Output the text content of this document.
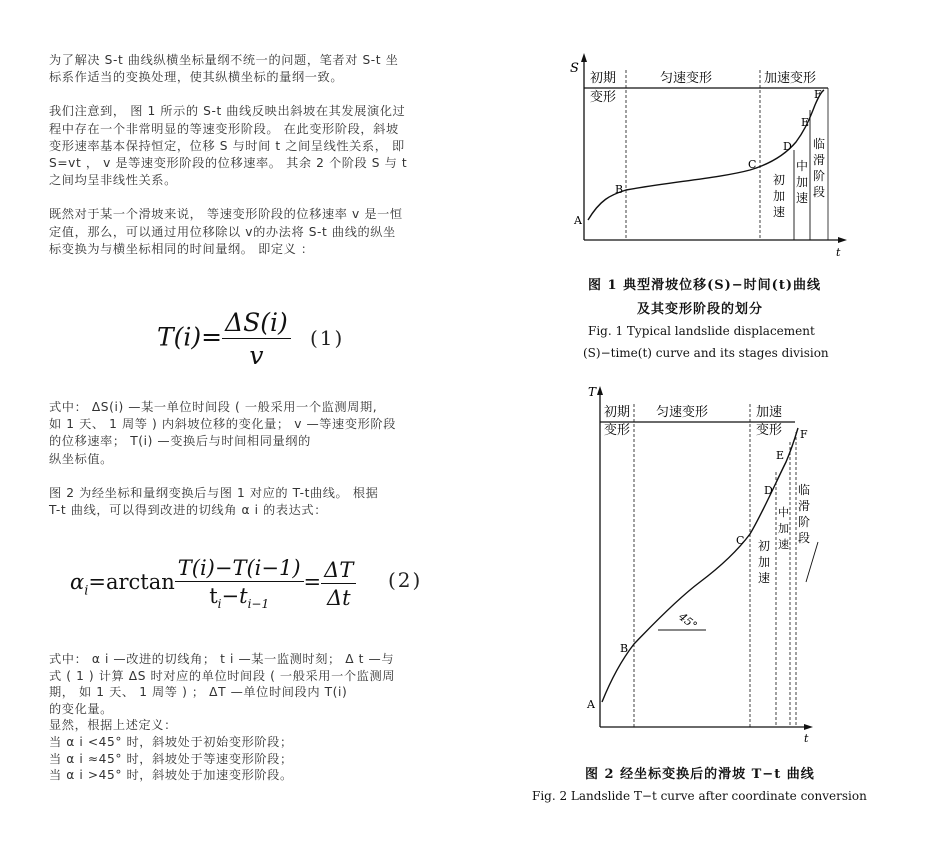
为了解决 S-t 曲线纵横坐标量纲不统一的问题，笔者对 S-t 坐
标系作适当的变换处理，使其纵横坐标的量纲一致。
我们注意到， 图 1 所示的 S-t 曲线反映出斜坡在其发展演化过
程中存在一个非常明显的等速变形阶段。 在此变形阶段，斜坡
变形速率基本保持恒定，位移 S 与时间 t 之间呈线性关系， 即
S=vt ， v 是等速变形阶段的位移速率。 其余 2 个阶段 S 与 t
之间均呈非线性关系。
既然对于某一个滑坡来说， 等速变形阶段的位移速率 v 是一恒
定值，那么，可以通过用位移除以 v的办法将 S-t 曲线的纵坐
标变换为与横坐标相同的时间量纲。 即定义 ：
$T(i)= \frac{\Delta S(i)}{v} (1)$
式中： ΔS(i) —某一单位时间段 ( 一般采用一个监测周期,
如 1 天、 1 周等 ) 内斜坡位移的变化量； v —等速变形阶段
的位移速率； T(i) —变换后与时间相同量纲的
纵坐标值。
图 2 为经坐标和量纲变换后与图 1 对应的 T-t曲线。 根据
T-t 曲线，可以得到改进的切线角 α i 的表达式：
$\alpha_i=\arctan \frac{T(i)-T(i-1)}{t_i-t_{i-1}} = \frac{\Delta T}{\Delta t} (2)$
式中： α i —改进的切线角； t i —某一监测时刻； Δ t —与
式 ( 1 ) 计算 ΔS 时对应的单位时间段 ( 一般采用一个监测周
期， 如 1 天、 1 周等 ) ； ΔT —单位时间段内 T(i)
的变化量。
显然，根据上述定义：
当 α i <45° 时，斜坡处于初始变形阶段；
当 α i ≈45° 时，斜坡处于等速变形阶段；
当 α i >45° 时，斜坡处于加速变形阶段。
S
t
初期
变形
匀速变形	加速变形
A
B
C
D
E
F
初
加
速
中
加
速
临
滑
阶
段
图 1 典型滑坡位移(S)−时间(t)曲线
及其变形阶段的划分
Fig. 1 Typical landslide displacement
(S)−time(t) curve and its stages division
T
t
初期
变形
匀速变形	加速
变形
A
B
C
D
E
F
45°
初
加
速
中
加
速
临
滑
阶
段
图 2 经坐标变换后的滑坡 T−t 曲线
Fig. 2 Landslide T−t curve after coordinate conversion
